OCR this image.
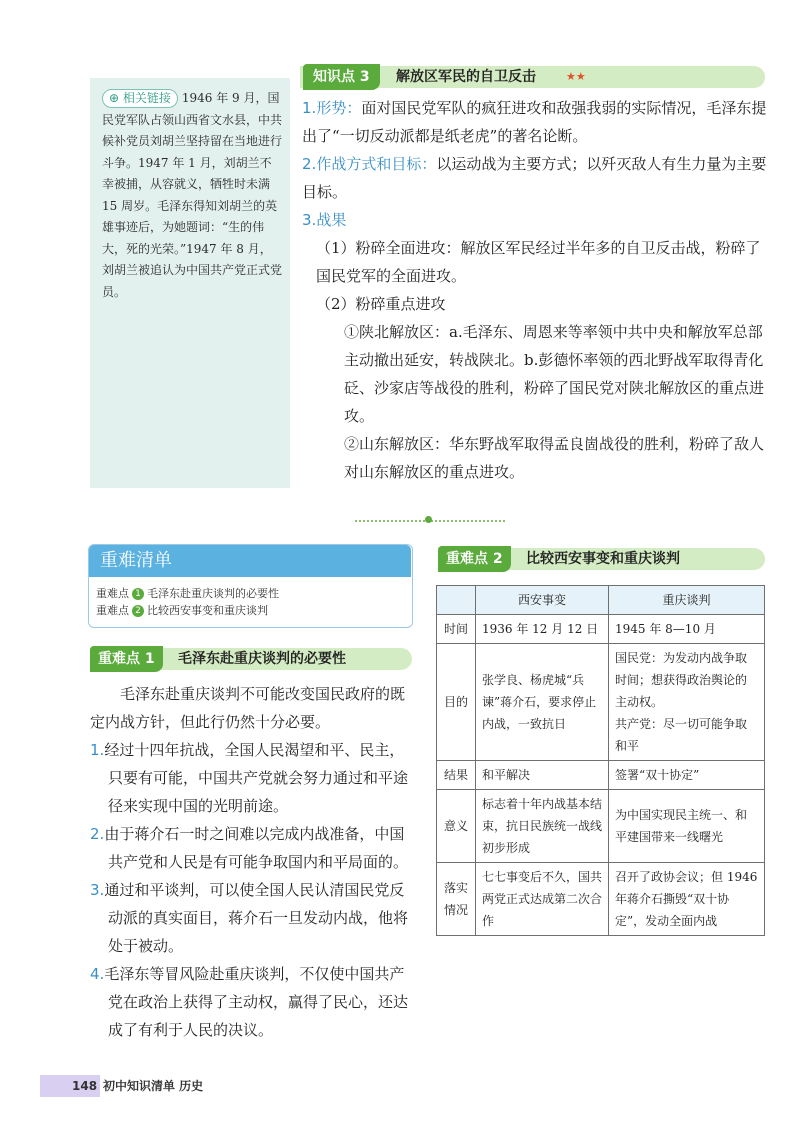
⊕ 相关链接 1946 年 9 月，国民党军队占领山西省文水县，中共候补党员刘胡兰坚持留在当地进行斗争。1947 年 1 月，刘胡兰不幸被捕，从容就义，牺牲时未满 15 周岁。毛泽东得知刘胡兰的英雄事迹后，为她题词：“生的伟大，死的光荣。”1947 年 8 月，刘胡兰被追认为中国共产党正式党员。
知识点 3	解放区军民的自卫反击	★★
1.形势：面对国民党军队的疯狂进攻和敌强我弱的实际情况，毛泽东提出了“一切反动派都是纸老虎”的著名论断。
2.作战方式和目标：以运动战为主要方式；以歼灭敌人有生力量为主要目标。
3.战果
（1）粉碎全面进攻：解放区军民经过半年多的自卫反击战，粉碎了国民党军的全面进攻。
（2）粉碎重点进攻
①陕北解放区：a.毛泽东、周恩来等率领中共中央和解放军总部主动撤出延安，转战陕北。b.彭德怀率领的西北野战军取得青化砭、沙家店等战役的胜利，粉碎了国民党对陕北解放区的重点进攻。
②山东解放区：华东野战军取得孟良崮战役的胜利，粉碎了敌人对山东解放区的重点进攻。
重难清单
重难点 1 毛泽东赴重庆谈判的必要性
重难点 2 比较西安事变和重庆谈判
重难点 1	毛泽东赴重庆谈判的必要性
毛泽东赴重庆谈判不可能改变国民政府的既定内战方针，但此行仍然十分必要。
1.经过十四年抗战，全国人民渴望和平、民主，只要有可能，中国共产党就会努力通过和平途径来实现中国的光明前途。
2.由于蒋介石一时之间难以完成内战准备，中国共产党和人民是有可能争取国内和平局面的。
3.通过和平谈判，可以使全国人民认清国民党反动派的真实面目，蒋介石一旦发动内战，他将处于被动。
4.毛泽东等冒风险赴重庆谈判，不仅使中国共产党在政治上获得了主动权，赢得了民心，还达成了有利于人民的决议。
重难点 2	比较西安事变和重庆谈判
	西安事变	重庆谈判
时间	1936 年 12 月 12 日	1945 年 8—10 月
目的	张学良、杨虎城“兵谏”蒋介石，要求停止内战，一致抗日	国民党：为发动内战争取时间；想获得政治舆论的主动权。
共产党：尽一切可能争取和平

结果	和平解决	签署“双十协定”
意义	标志着十年内战基本结束，抗日民族统一战线初步形成	为中国实现民主统一、和平建国带来一线曙光
落实情况	七七事变后不久，国共两党正式达成第二次合作	召开了政协会议；但 1946 年蒋介石撕毁“双十协定”，发动全面内战
148 初中知识清单 历史
